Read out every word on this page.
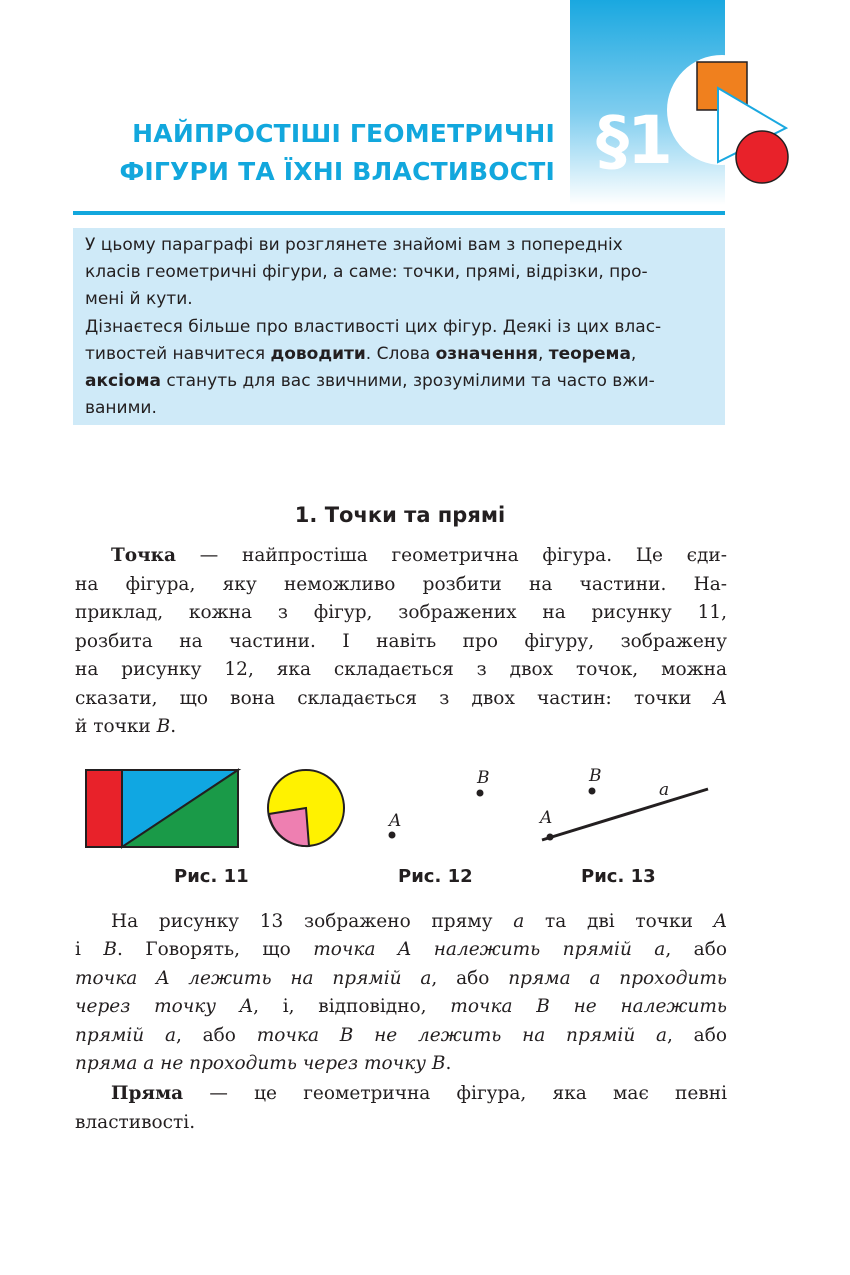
§1
НАЙПРОСТІШІ ГЕОМЕТРИЧНІ
ФІГУРИ ТА ЇХНІ ВЛАСТИВОСТІ

У цьому параграфі ви розглянете знайомі вам з попередніх

класів геометричні фігури, а саме: точки, прямі, відрізки, про-

мені й кути.

Дізнаєтеся більше про властивості цих фігур. Деякі із цих влас-

тивостей навчитеся доводити. Слова означення, теорема,

аксіома стануть для вас звичними, зрозумілими та часто вжи-

ваними.

1. Точки та прямі
Точка — найпростіша геометрична фігура. Це єди-
на фігура, яку неможливо розбити на частини. На-
приклад, кожна з фігур, зображених на рисунку 11,
розбита на частини. І навіть про фігуру, зображену
на рисунку 12, яка складається з двох точок, можна
сказати, що вона складається з двох частин: точки A
й точки B.
A
B
A
B
a
Рис. 11	Рис. 12	Рис. 13
На рисунку 13 зображено пряму a та дві точки A
і B. Говорять, що точка A належить прямій a, або
точка A лежить на прямій a, або пряма a проходить
через точку A, і, відповідно, точка B не належить
прямій a, або точка B не лежить на прямій a, або
пряма a не проходить через точку B.
Пряма — це геометрична фігура, яка має певні
властивості.
